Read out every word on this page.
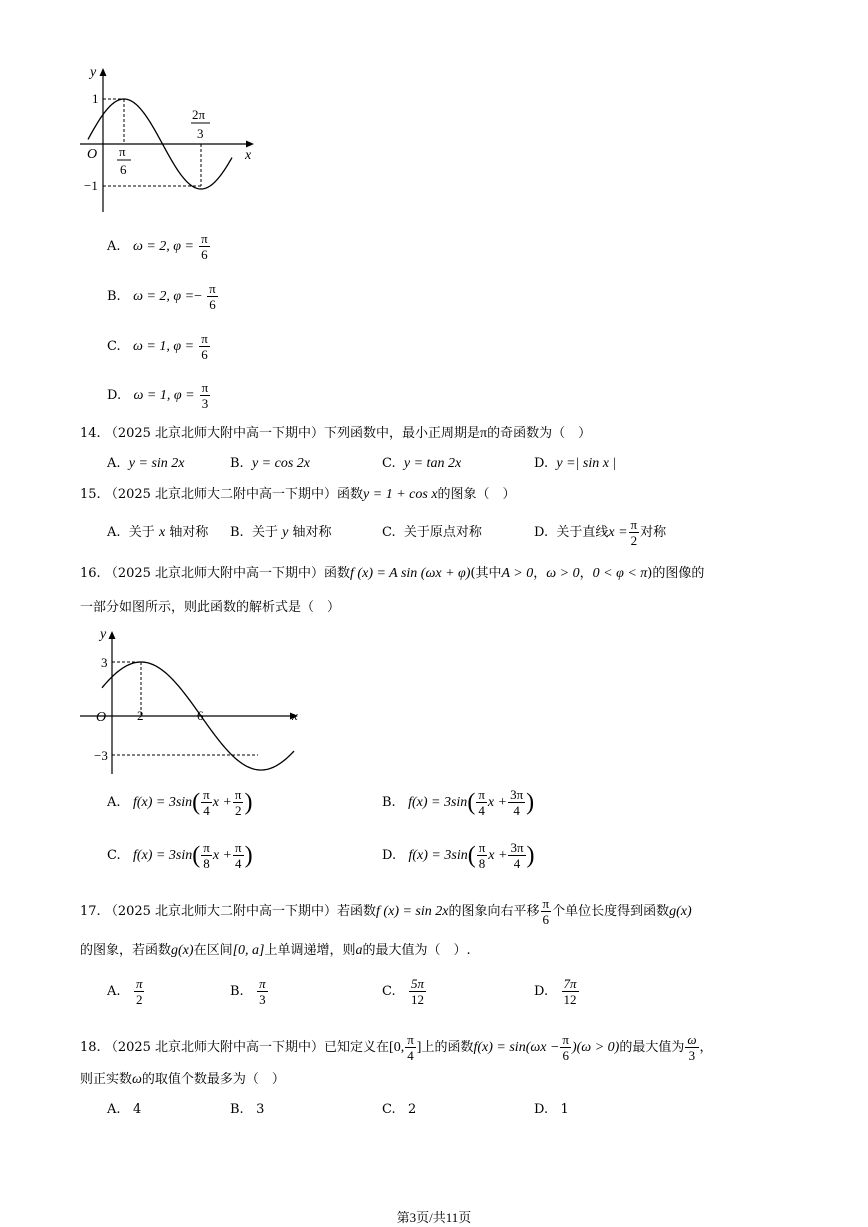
y
x
O
1
−1
π
6
2π
3
A. ω = 2, $\varphi = \frac{\pi}{6}$
B. ω = 2, $\varphi =- \frac{\pi}{6}$
C. ω = 1, $\varphi = \frac{\pi}{6}$
D. ω = 1, $\varphi = \frac{\pi}{3}$
14. （2025 北京北师大附中高一下期中）下列函数中，最小正周期是π的奇函数为（　）
A. y = sin 2x	B. y = cos 2x	C. y = tan 2x	D. y =| sin x |
15. （2025 北京北师大二附中高一下期中）函数y = 1 + cos x的图象（　）
A. 关于 x 轴对称 B. 关于 y 轴对称	C. 关于原点对称	D. 关于直线$x = \frac{\pi}{2}$ 对称
16. （2025 北京北师大附中高一下期中）函数f (x) = A sin (ωx + φ)(其中A > 0，ω > 0，0 < φ < π)的图像的
一部分如图所示，则此函数的解析式是（　）
y
x
O
3
−3
2	6
A. $f(x) = 3\sin( \frac{\pi}{4}$ $x + \frac{\pi}{2}$ )	B. $f(x) = 3\sin( \frac{\pi}{4}$ $x + \frac{3\pi}{4}$ )
C. $f(x) = 3\sin( \frac{\pi}{8}$ $x + \frac{\pi}{4}$ )	D. $f(x) = 3\sin( \frac{\pi}{8}$ $x + \frac{3\pi}{4}$ )
17. （2025 北京北师大二附中高一下期中）若函数f (x) = sin 2x的图象向右平移 $\frac{\pi}{6}$ 个单位长度得到函数g(x)
的图象，若函数g(x)在区间[0, a]上单调递增，则a的最大值为（　）.
A. $\frac{\pi}{2}$	B. $\frac{\pi}{3}$	C. $\frac{5\pi}{12}$	D. $\frac{7\pi}{12}$
18. （2025 北京北师大附中高一下期中）已知定义在[0, $\frac{\pi}{4}$ ]上的函数$f(x) = \sin(\omega x - \frac{\pi}{6} )(\omega > 0)$的最大值为 $\frac{\omega}{3}$ ，
则正实数ω的取值个数最多为（　）
A. 4	B. 3	C. 2	D. 1
第3页/共11页
